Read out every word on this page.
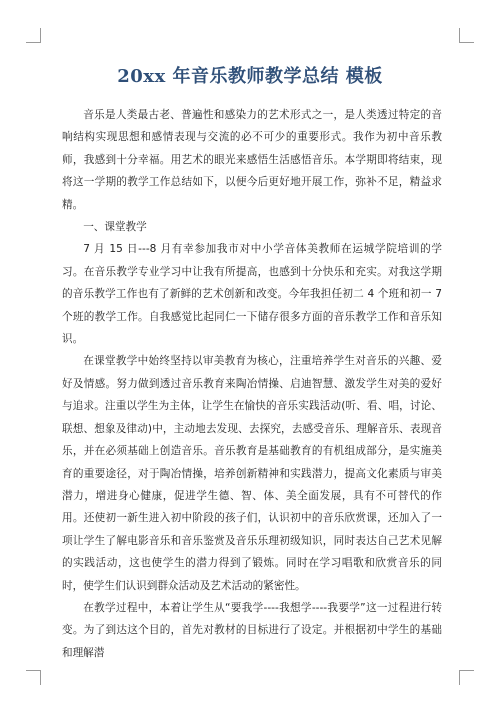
20xx 年音乐教师教学总结 模板

音乐是人类最古老、普遍性和感染力的艺术形式之一，是人类透过特定的音响结构实现思想和感情表现与交流的必不可少的重要形式。我作为初中音乐教师，我感到十分幸福。用艺术的眼光来感悟生活感悟音乐。本学期即将结束，现将这一学期的教学工作总结如下，以便今后更好地开展工作，弥补不足，精益求精。

一、课堂教学

7 月 15 日---8 月有幸参加我市对中小学音体美教师在运城学院培训的学习。在音乐教学专业学习中让我有所提高，也感到十分快乐和充实。对我这学期的音乐教学工作也有了新鲜的艺术创新和改变。今年我担任初二 4 个班和初一 7 个班的教学工作。自我感觉比起同仁一下储存很多方面的音乐教学工作和音乐知识。

在课堂教学中始终坚持以审美教育为核心，注重培养学生对音乐的兴趣、爱好及情感。努力做到透过音乐教育来陶冶情操、启迪智慧、激发学生对美的爱好与追求。注重以学生为主体，让学生在愉快的音乐实践活动(听、看、唱，讨论、联想、想象及律动)中，主动地去发现、去探究，去感受音乐、理解音乐、表现音乐，并在必须基础上创造音乐。音乐教育是基础教育的有机组成部分，是实施美育的重要途径，对于陶冶情操，培养创新精神和实践潜力，提高文化素质与审美潜力，增进身心健康，促进学生德、智、体、美全面发展，具有不可替代的作用。还使初一新生进入初中阶段的孩子们，认识初中的音乐欣赏课，还加入了一项让学生了解电影音乐和音乐鉴赏及音乐乐理初级知识，同时表达自己艺术见解的实践活动，这也使学生的潜力得到了锻炼。同时在学习唱歌和欣赏音乐的同时，使学生们认识到群众活动及艺术活动的紧密性。

在教学过程中，本着让学生从“要我学----我想学----我要学”这一过程进行转变。为了到达这个目的，首先对教材的目标进行了设定。并根据初中学生的基础和理解潜
